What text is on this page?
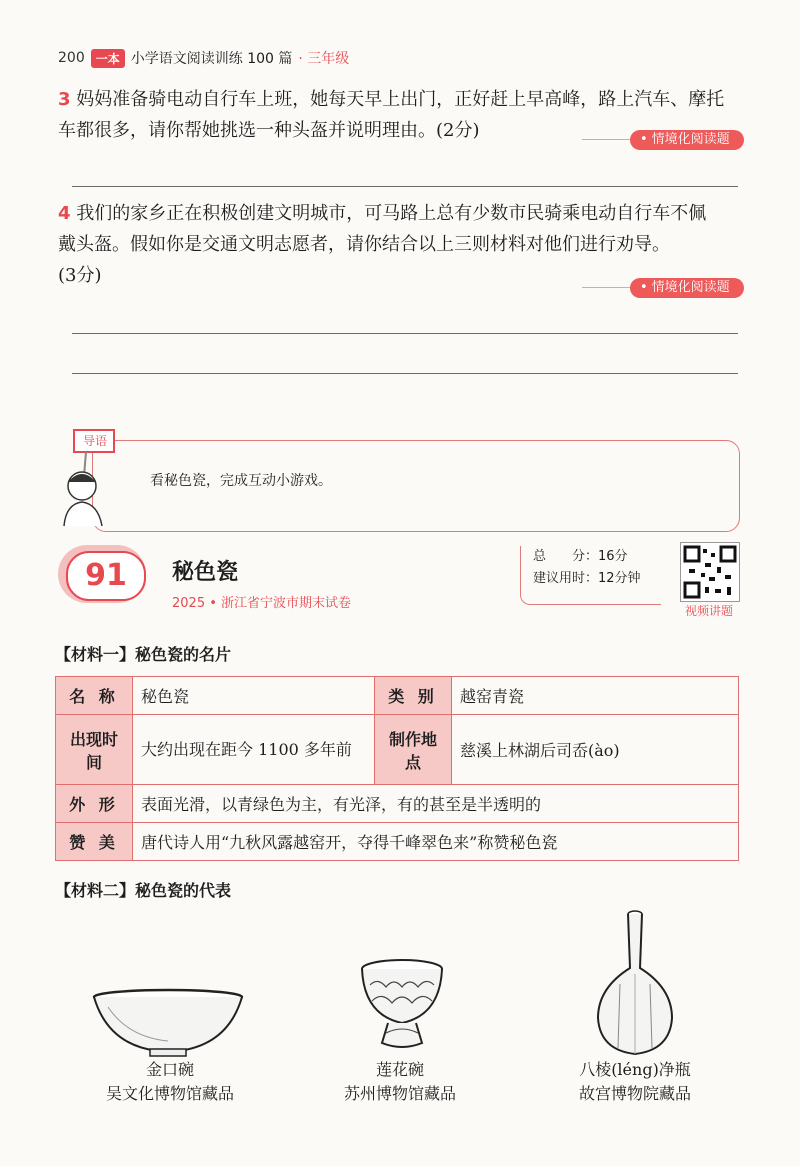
200 一本 小学语文阅读训练 100 篇 · 三年级
3 妈妈准备骑电动自行车上班，她每天早上出门，正好赶上早高峰，路上汽车、摩托
车都很多，请你帮她挑选一种头盔并说明理由。(2分)	• 情境化阅读题
4 我们的家乡正在积极创建文明城市，可马路上总有少数市民骑乘电动自行车不佩
戴头盔。假如你是交通文明志愿者，请你结合以上三则材料对他们进行劝导。
(3分)
• 情境化阅读题
导语
看秘色瓷，完成互动小游戏。
91	秘色瓷
2025 • 浙江省宁波市期末试卷
总　　分：16分
建议用时：12分钟
视频讲题
【材料一】秘色瓷的名片
名 称	秘色瓷	类 别	越窑青瓷
出现时间	大约出现在距今 1100 多年前	制作地点	慈溪上林湖后司岙(ào)
外 形	表面光滑，以青绿色为主，有光泽，有的甚至是半透明的		
赞 美	唐代诗人用“九秋风露越窑开，夺得千峰翠色来”称赞秘色瓷		
【材料二】秘色瓷的代表
金口碗
吴文化博物馆藏品
莲花碗
苏州博物馆藏品
八棱(léng)净瓶
故宫博物院藏品
